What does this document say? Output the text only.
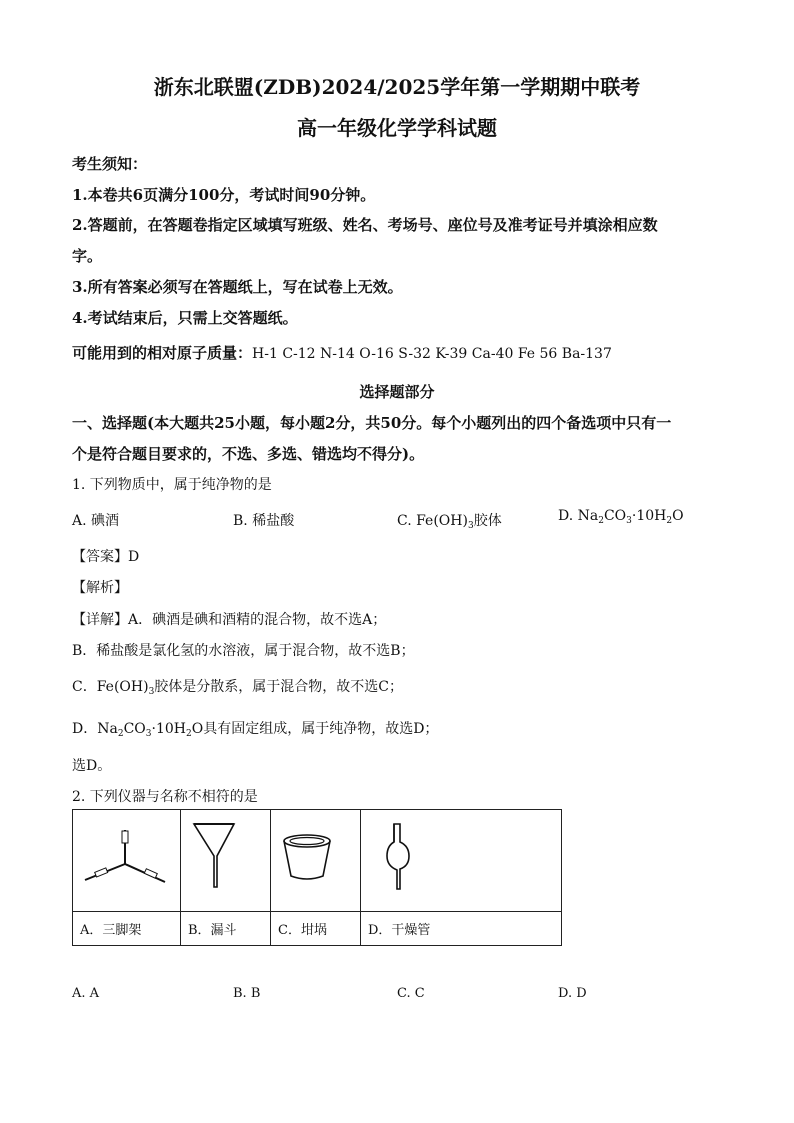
浙东北联盟(ZDB)2024/2025学年第一学期期中联考
高一年级化学学科试题
考生须知：
1.本卷共6页满分100分，考试时间90分钟。
2.答题前，在答题卷指定区域填写班级、姓名、考场号、座位号及准考证号并填涂相应数
字。
3.所有答案必须写在答题纸上，写在试卷上无效。
4.考试结束后，只需上交答题纸。
可能用到的相对原子质量：H-1 C-12 N-14 O-16 S-32 K-39 Ca-40 Fe 56 Ba-137
选择题部分
一、选择题(本大题共25小题，每小题2分，共50分。每个小题列出的四个备选项中只有一
个是符合题目要求的，不选、多选、错选均不得分)。
1. 下列物质中，属于纯净物的是
A. 碘酒	B. 稀盐酸	C. $Fe(OH)_3$胶体	D. $Na_2CO_3\cdot 10H_2O$
【答案】D
【解析】
【详解】A．碘酒是碘和酒精的混合物，故不选A；
B．稀盐酸是氯化氢的水溶液，属于混合物，故不选B；
C．$Fe(OH)_3$胶体是分散系，属于混合物，故不选C；
D．$Na_2CO_3\cdot 10H_2O$具有固定组成，属于纯净物，故选D；
选D。
2. 下列仪器与名称不相符的是

A．三脚架	B．漏斗	C．坩埚	D．干燥管
A. A	B. B	C. C	D. D
